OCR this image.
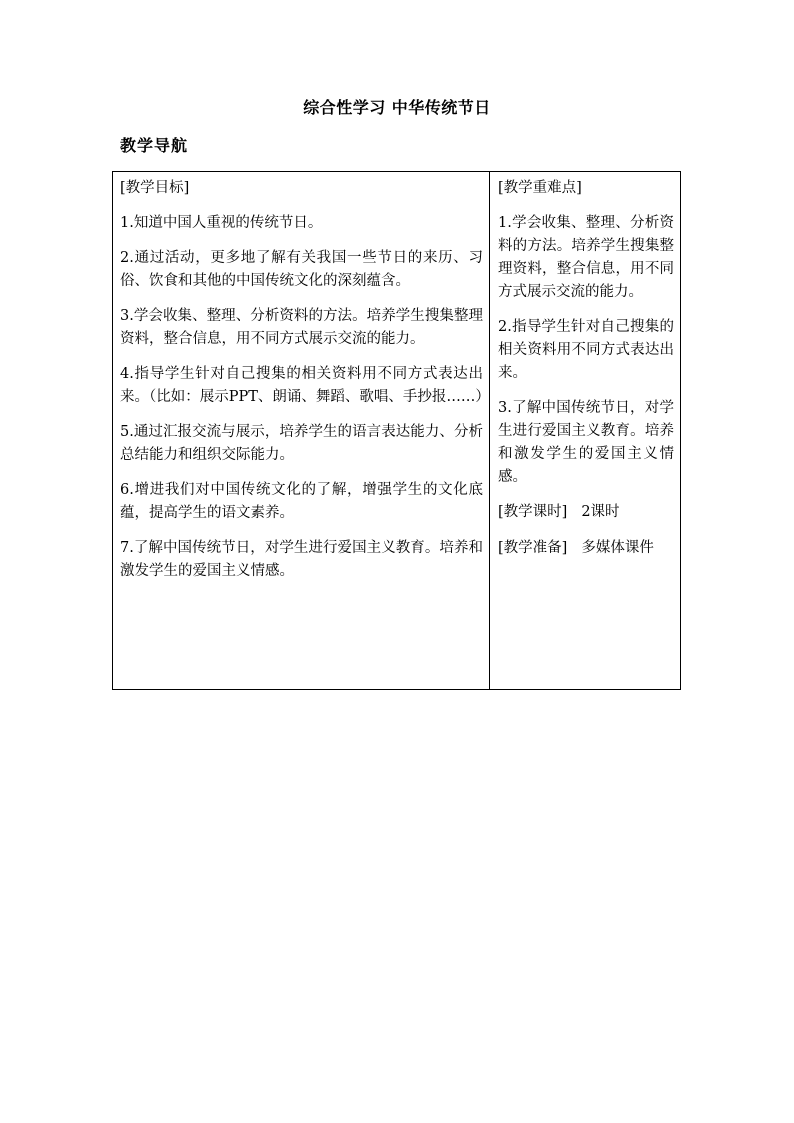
综合性学习 中华传统节日
教学导航
[教学目标]
1.知道中国人重视的传统节日。
2.通过活动，更多地了解有关我国一些节日的来历、习俗、饮食和其他的中国传统文化的深刻蕴含。
3.学会收集、整理、分析资料的方法。培养学生搜集整理资料，整合信息，用不同方式展示交流的能力。
4.指导学生针对自己搜集的相关资料用不同方式表达出来。（比如：展示PPT、朗诵、舞蹈、歌唱、手抄报……）
5.通过汇报交流与展示，培养学生的语言表达能力、分析总结能力和组织交际能力。
6.增进我们对中国传统文化的了解，增强学生的文化底蕴，提高学生的语文素养。
7.了解中国传统节日，对学生进行爱国主义教育。培养和激发学生的爱国主义情感。
[教学重难点]
1.学会收集、整理、分析资料的方法。培养学生搜集整理资料，整合信息，用不同方式展示交流的能力。
2.指导学生针对自己搜集的相关资料用不同方式表达出来。
3.了解中国传统节日，对学生进行爱国主义教育。培养和激发学生的爱国主义情感。
[教学课时] 2课时
[教学准备] 多媒体课件
